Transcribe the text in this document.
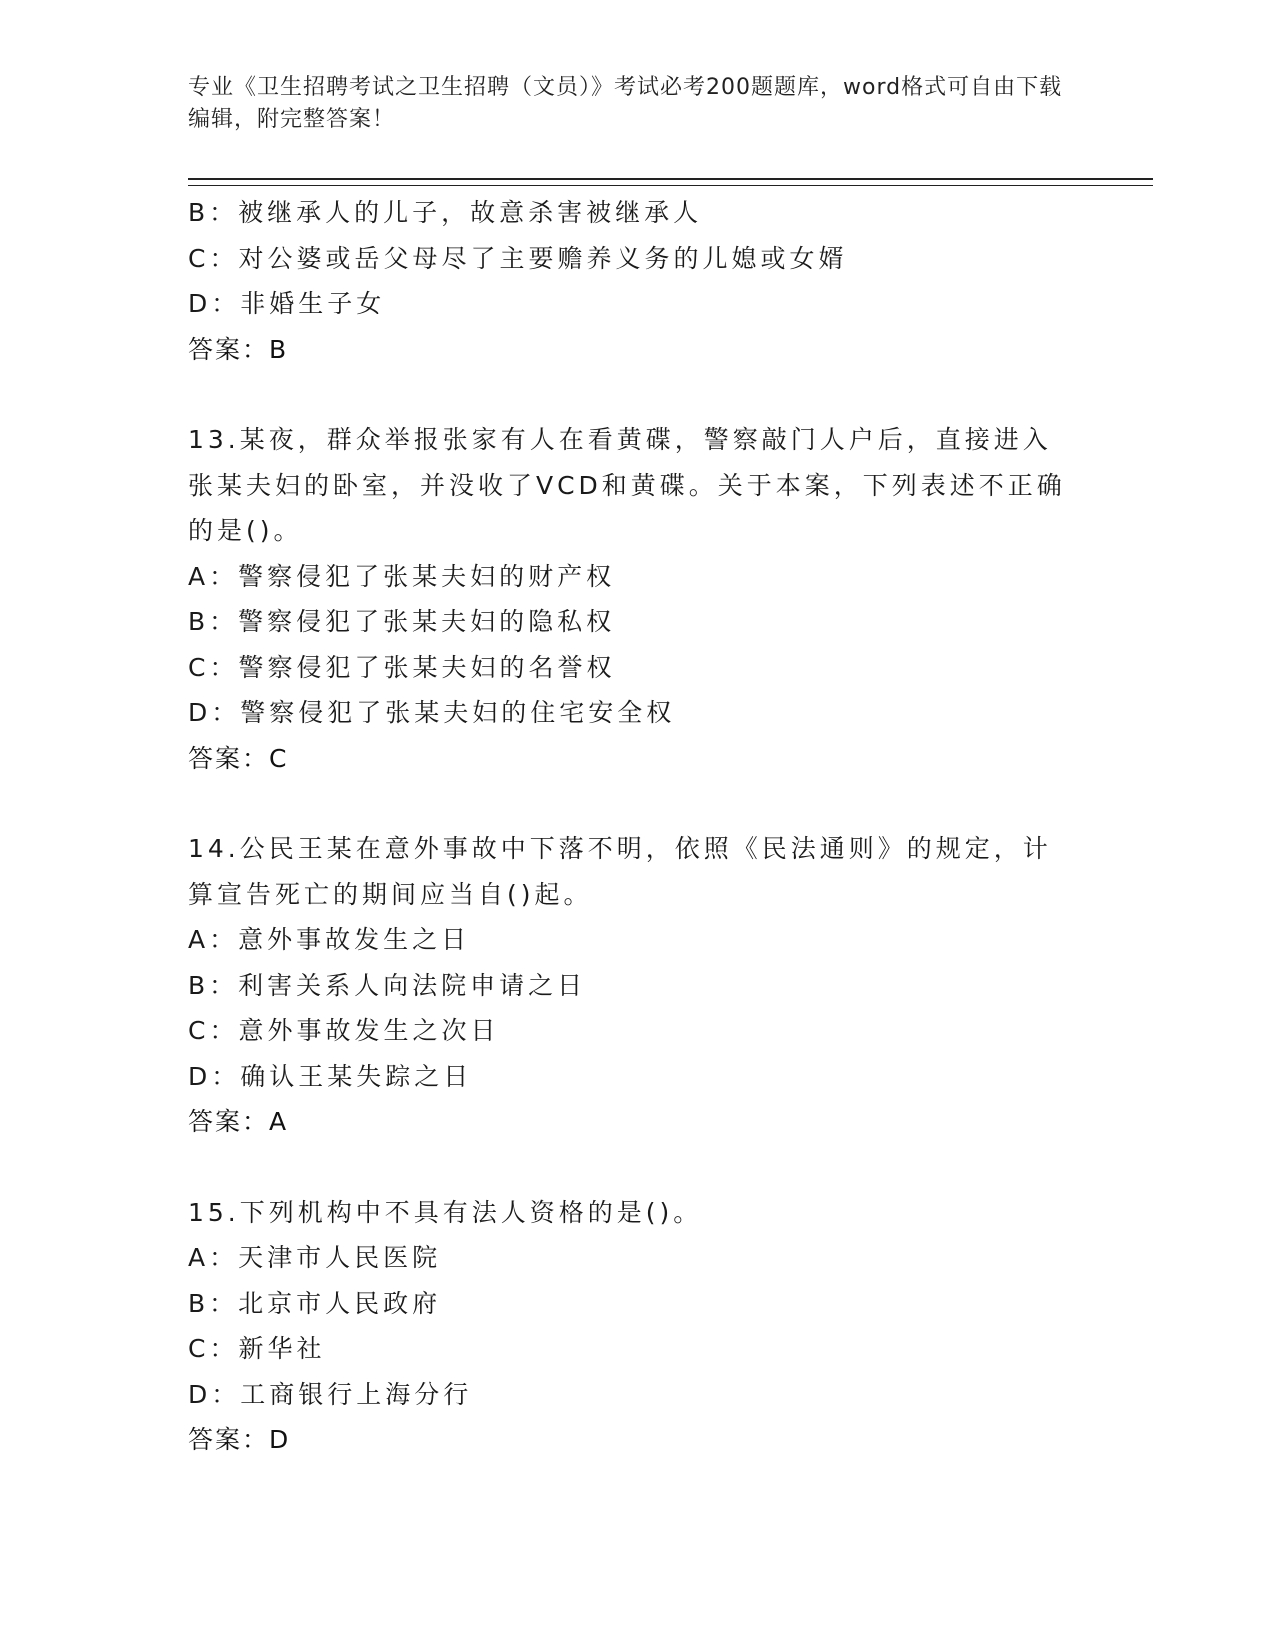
专业《卫生招聘考试之卫生招聘（文员）》考试必考200题题库，word格式可自由下载编辑，附完整答案！
B：被继承人的儿子，故意杀害被继承人
C：对公婆或岳父母尽了主要赡养义务的儿媳或女婿
D：非婚生子女
答案：B
13.某夜，群众举报张家有人在看黄碟，警察敲门人户后，直接进入张某夫妇的卧室，并没收了VCD和黄碟。关于本案，下列表述不正确的是()。
A：警察侵犯了张某夫妇的财产权
B：警察侵犯了张某夫妇的隐私权
C：警察侵犯了张某夫妇的名誉权
D：警察侵犯了张某夫妇的住宅安全权
答案：C
14.公民王某在意外事故中下落不明，依照《民法通则》的规定，计算宣告死亡的期间应当自()起。
A：意外事故发生之日
B：利害关系人向法院申请之日
C：意外事故发生之次日
D：确认王某失踪之日
答案：A
15.下列机构中不具有法人资格的是()。
A：天津市人民医院
B：北京市人民政府
C：新华社
D：工商银行上海分行
答案：D
